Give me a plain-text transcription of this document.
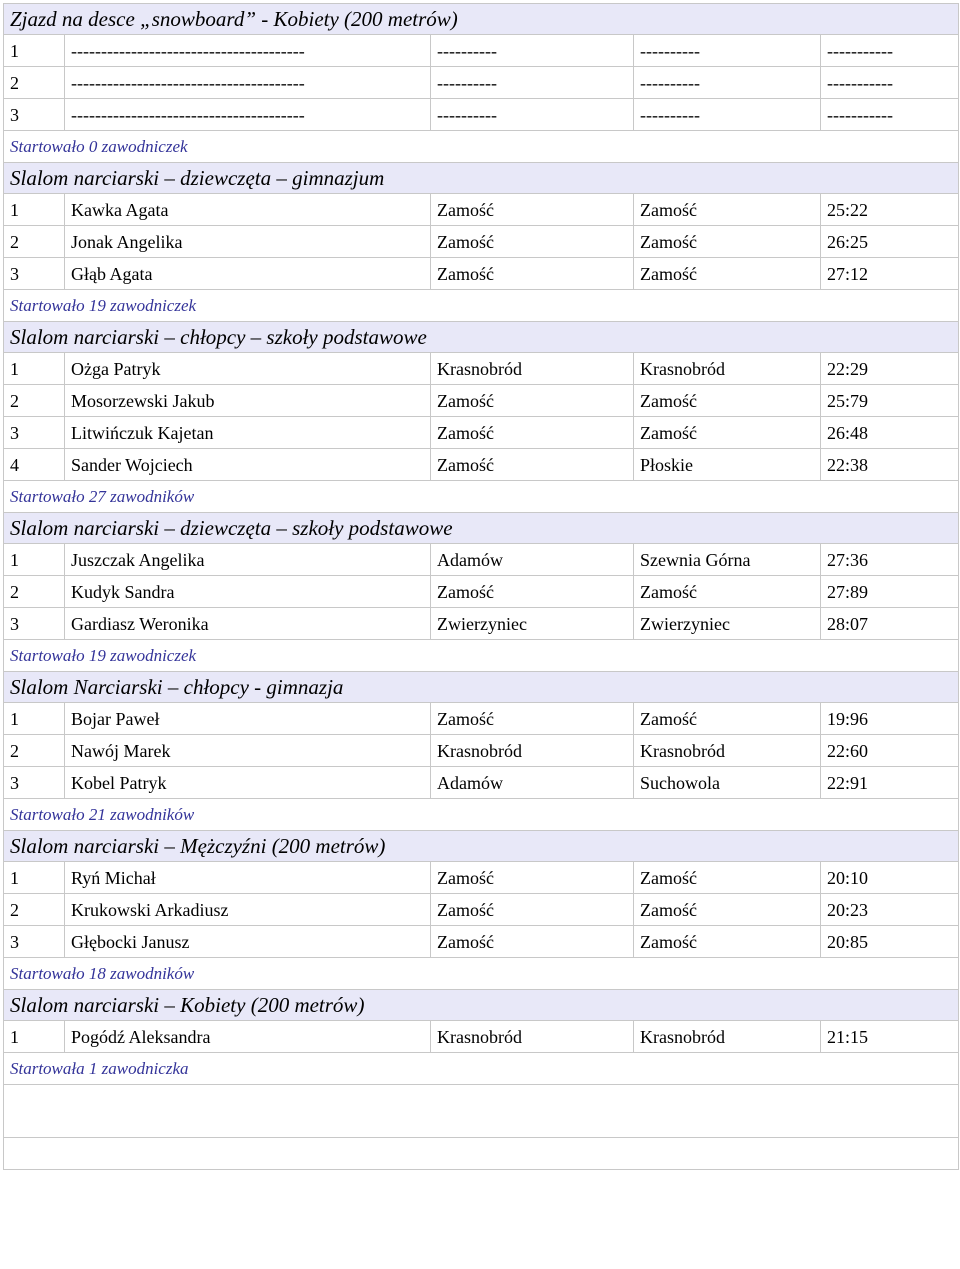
Zjazd na desce „snowboard” - Kobiety (200 metrów)				
1	---------------------------------------	----------	----------	-----------
2	---------------------------------------	----------	----------	-----------
3	---------------------------------------	----------	----------	-----------
Startowało 0 zawodniczek				
Slalom narciarski – dziewczęta – gimnazjum				
1	Kawka Agata	Zamość	Zamość	25:22
2	Jonak Angelika	Zamość	Zamość	26:25
3	Głąb Agata	Zamość	Zamość	27:12
Startowało 19 zawodniczek				
Slalom narciarski – chłopcy – szkoły podstawowe				
1	Ożga Patryk	Krasnobród	Krasnobród	22:29
2	Mosorzewski Jakub	Zamość	Zamość	25:79
3	Litwińczuk Kajetan	Zamość	Zamość	26:48
4	Sander Wojciech	Zamość	Płoskie	22:38
Startowało 27 zawodników				
Slalom narciarski – dziewczęta – szkoły podstawowe				
1	Juszczak Angelika	Adamów	Szewnia Górna	27:36
2	Kudyk Sandra	Zamość	Zamość	27:89
3	Gardiasz Weronika	Zwierzyniec	Zwierzyniec	28:07
Startowało 19 zawodniczek				
Slalom Narciarski – chłopcy - gimnazja				
1	Bojar Paweł	Zamość	Zamość	19:96
2	Nawój Marek	Krasnobród	Krasnobród	22:60
3	Kobel Patryk	Adamów	Suchowola	22:91
Startowało 21 zawodników				
Slalom narciarski – Mężczyźni (200 metrów)				
1	Ryń Michał	Zamość	Zamość	20:10
2	Krukowski Arkadiusz	Zamość	Zamość	20:23
3	Głębocki Janusz	Zamość	Zamość	20:85
Startowało 18 zawodników				
Slalom narciarski – Kobiety (200 metrów)				
1	Pogódź Aleksandra	Krasnobród	Krasnobród	21:15
Startowała 1 zawodniczka				
